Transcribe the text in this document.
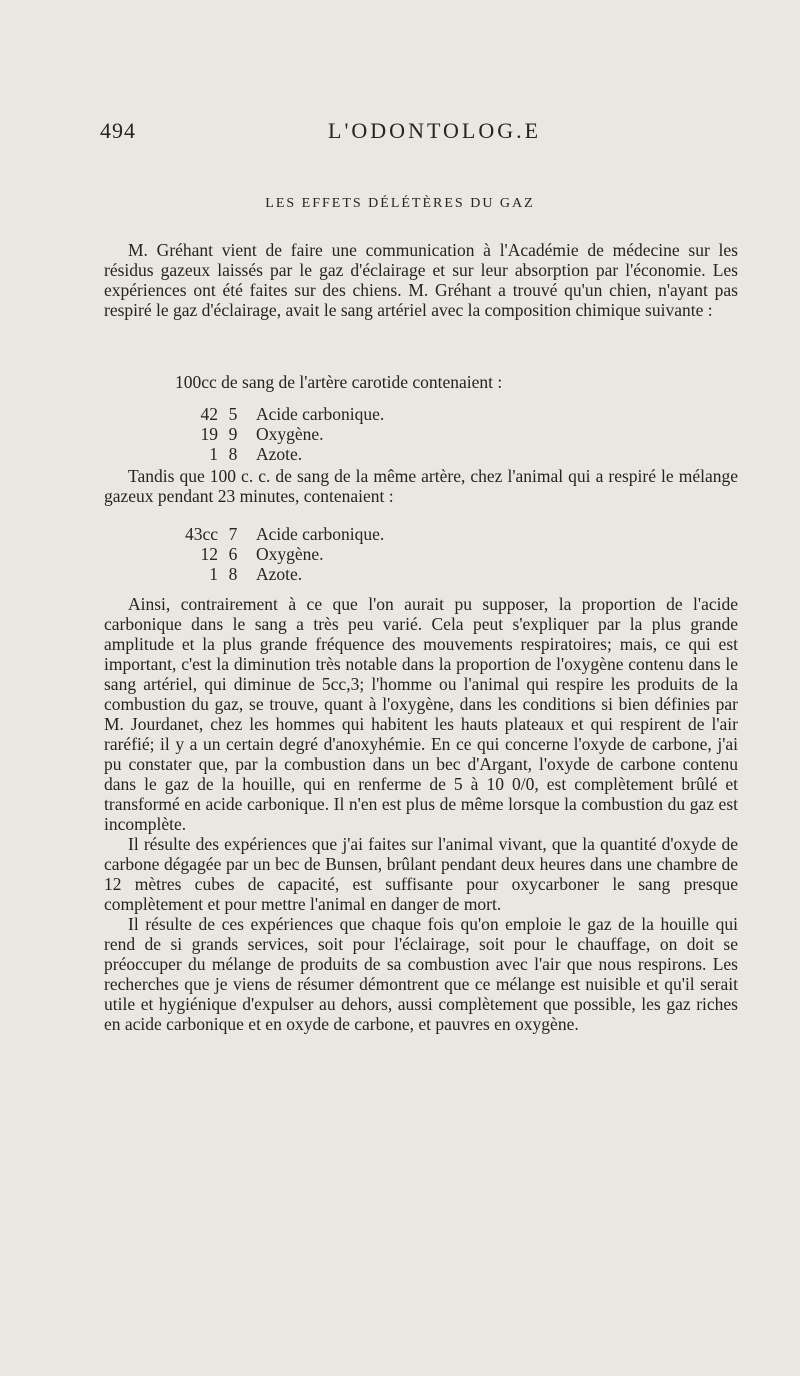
494	L'ODONTOLOG.E
LES EFFETS DÉLÉTÈRES DU GAZ

M. Gréhant vient de faire une communication à l'Académie de médecine sur les résidus gazeux laissés par le gaz d'éclairage et sur leur absorption par l'économie. Les expériences ont été faites sur des chiens. M. Gréhant a trouvé qu'un chien, n'ayant pas respiré le gaz d'éclairage, avait le sang artériel avec la composition chimique suivante :

100cc de sang de l'artère carotide contenaient :
42 5	Acide carbonique.
19 9	Oxygène.
1 8	Azote.

Tandis que 100 c. c. de sang de la même artère, chez l'animal qui a respiré le mélange gazeux pendant 23 minutes, contenaient :

43cc 7	Acide carbonique.
12 6	Oxygène.
1 8	Azote.

Ainsi, contrairement à ce que l'on aurait pu supposer, la proportion de l'acide carbonique dans le sang a très peu varié. Cela peut s'expliquer par la plus grande amplitude et la plus grande fréquence des mouvements respiratoires; mais, ce qui est important, c'est la diminution très notable dans la proportion de l'oxygène contenu dans le sang artériel, qui diminue de 5cc,3; l'homme ou l'animal qui respire les produits de la combustion du gaz, se trouve, quant à l'oxygène, dans les conditions si bien définies par M. Jourdanet, chez les hommes qui habitent les hauts plateaux et qui respirent de l'air raréfié; il y a un certain degré d'anoxyhémie. En ce qui concerne l'oxyde de carbone, j'ai pu constater que, par la combustion dans un bec d'Argant, l'oxyde de carbone contenu dans le gaz de la houille, qui en renferme de 5 à 10 0/0, est complètement brûlé et transformé en acide carbonique. Il n'en est plus de même lorsque la combustion du gaz est incomplète.

Il résulte des expériences que j'ai faites sur l'animal vivant, que la quantité d'oxyde de carbone dégagée par un bec de Bunsen, brûlant pendant deux heures dans une chambre de 12 mètres cubes de capacité, est suffisante pour oxycarboner le sang presque complètement et pour mettre l'animal en danger de mort.

Il résulte de ces expériences que chaque fois qu'on emploie le gaz de la houille qui rend de si grands services, soit pour l'éclairage, soit pour le chauffage, on doit se préoccuper du mélange de produits de sa combustion avec l'air que nous respirons. Les recherches que je viens de résumer démontrent que ce mélange est nuisible et qu'il serait utile et hygiénique d'expulser au dehors, aussi complètement que possible, les gaz riches en acide carbonique et en oxyde de carbone, et pauvres en oxygène.
